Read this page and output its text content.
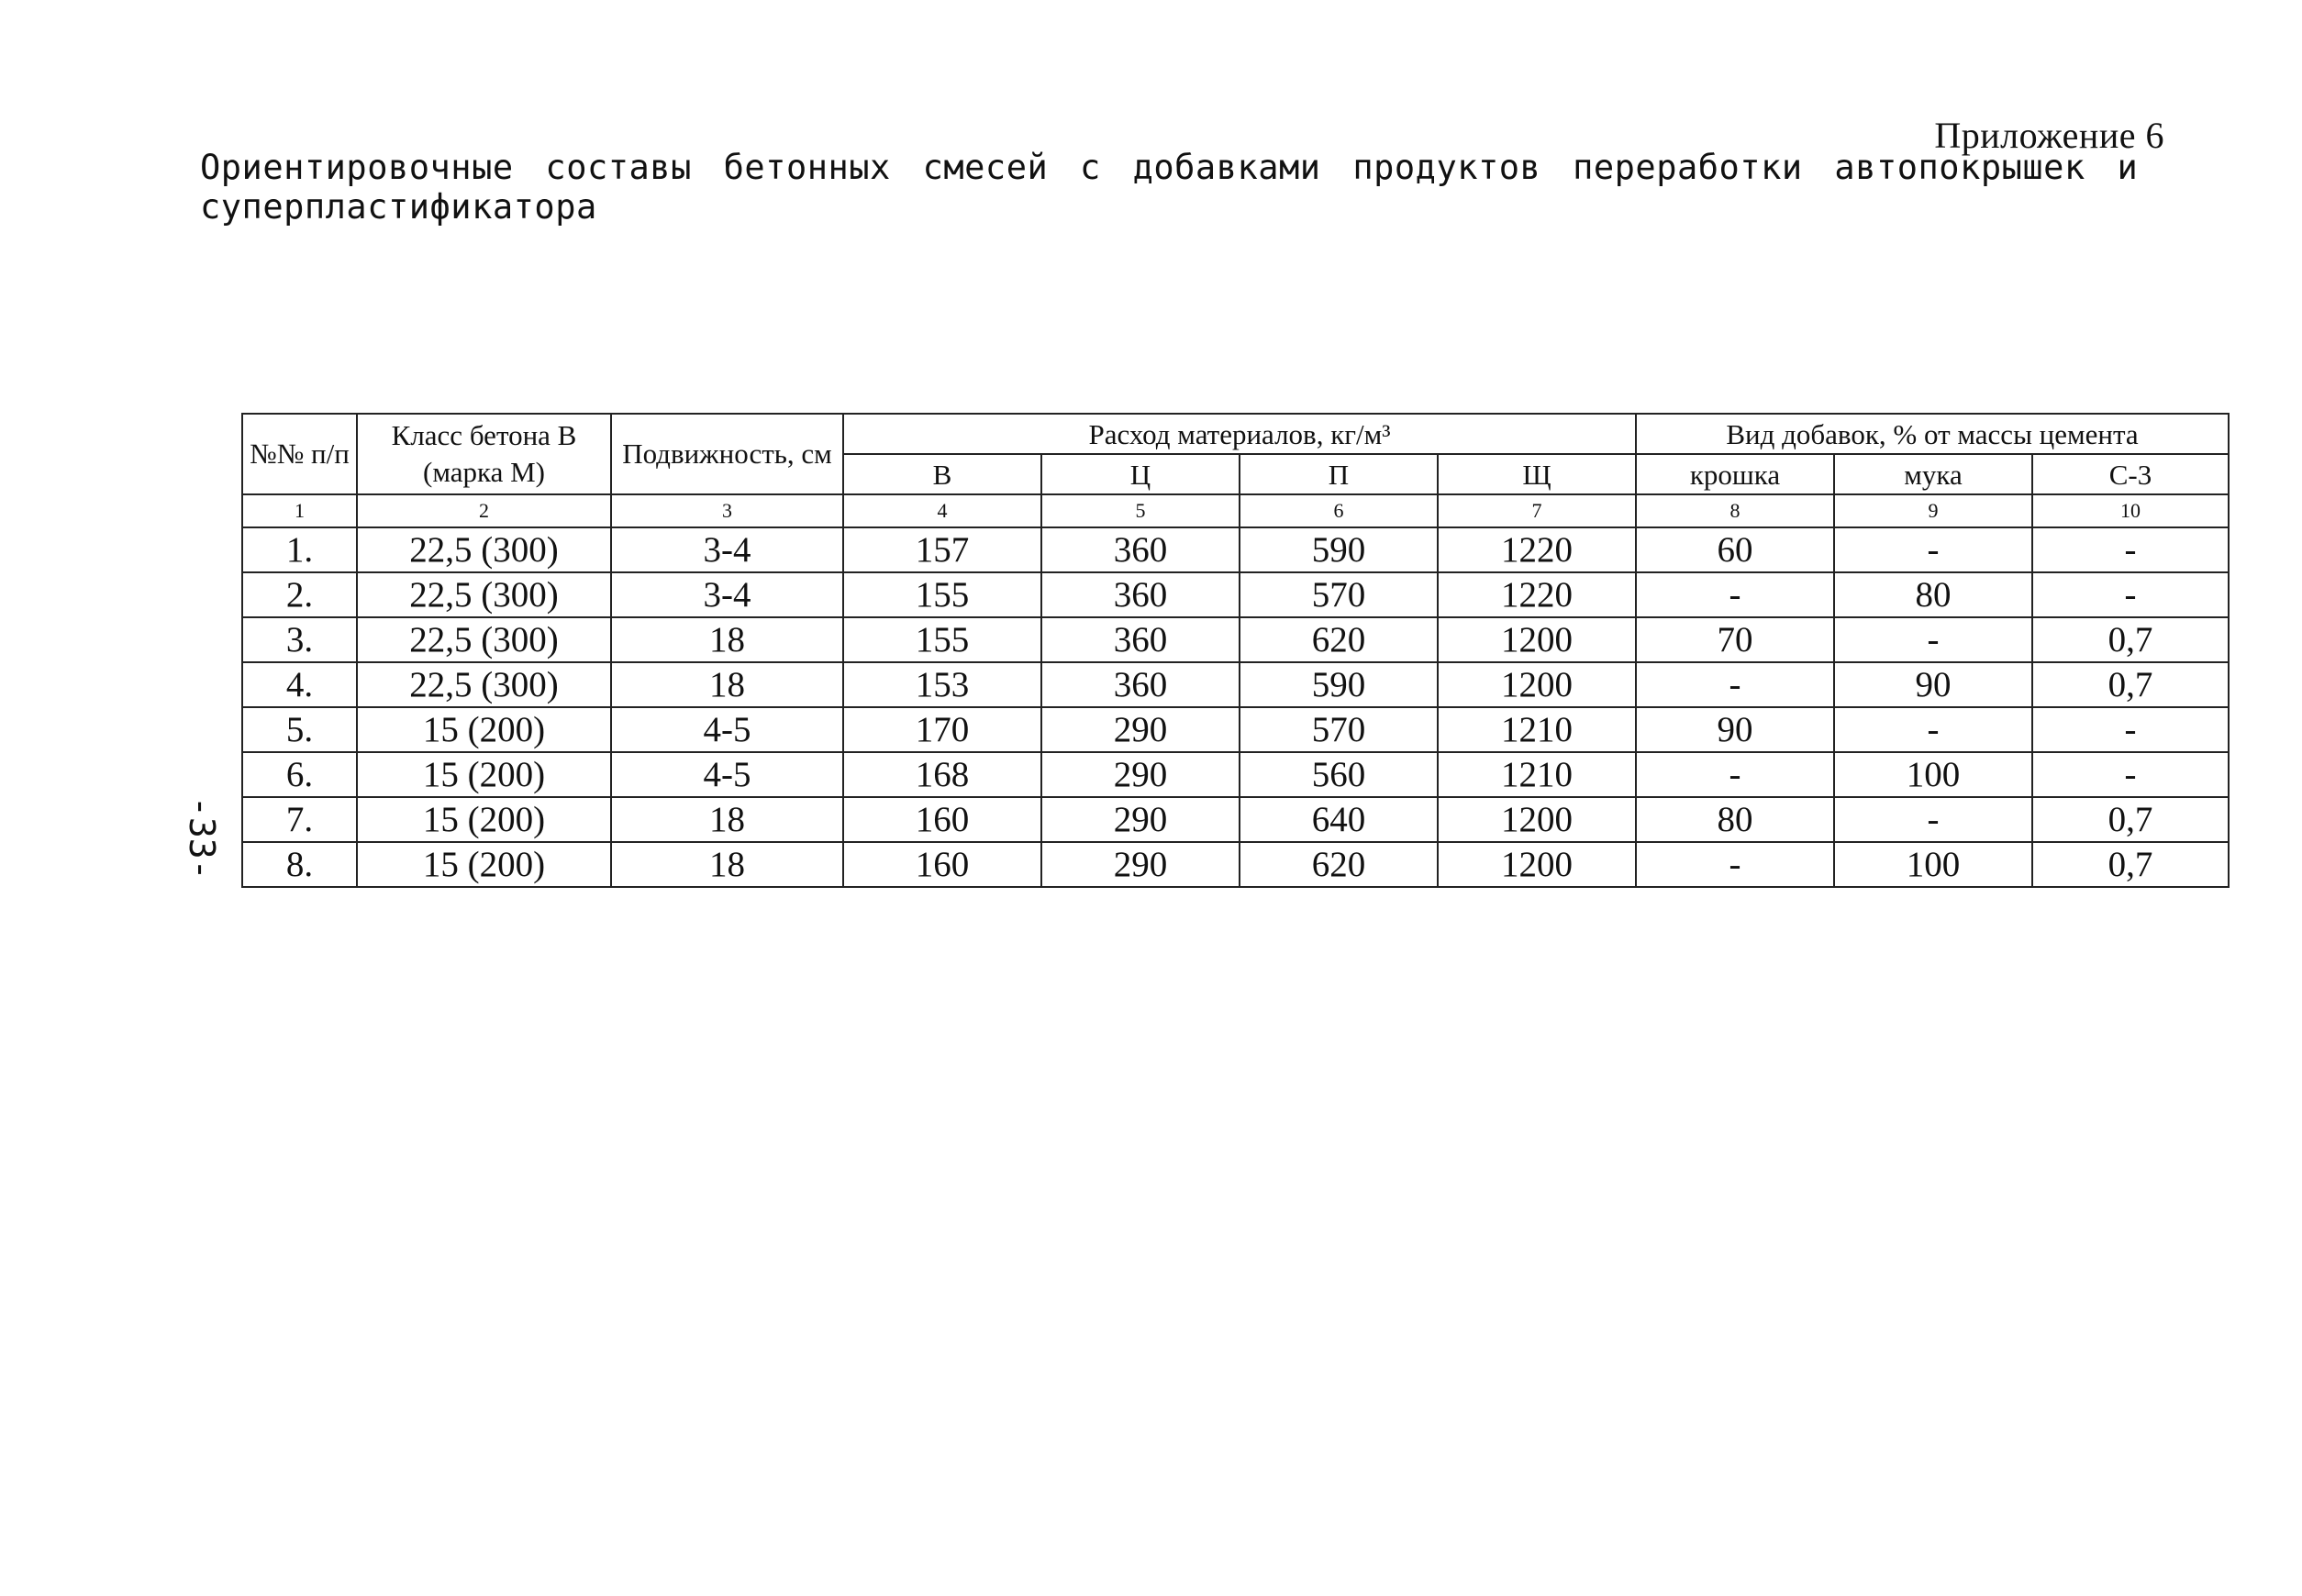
Приложение 6
Ориентировочные составы бетонных смесей с добавками продуктов переработки автопокрышек и суперпластификатора
-33-
№№ п/п	Класс бетона В (марка М)	Подвижность, см	Расход материалов, кг/м³				Вид добавок, % от массы цемента		
			В	Ц	П	Щ	крошка	мука	С-3
1	2	3	4	5	6	7	8	9	10
1.	22,5 (300)	3-4	157	360	590	1220	60	-	-
2.	22,5 (300)	3-4	155	360	570	1220	-	80	-
3.	22,5 (300)	18	155	360	620	1200	70	-	0,7
4.	22,5 (300)	18	153	360	590	1200	-	90	0,7
5.	15 (200)	4-5	170	290	570	1210	90	-	-
6.	15 (200)	4-5	168	290	560	1210	-	100	-
7.	15 (200)	18	160	290	640	1200	80	-	0,7
8.	15 (200)	18	160	290	620	1200	-	100	0,7
